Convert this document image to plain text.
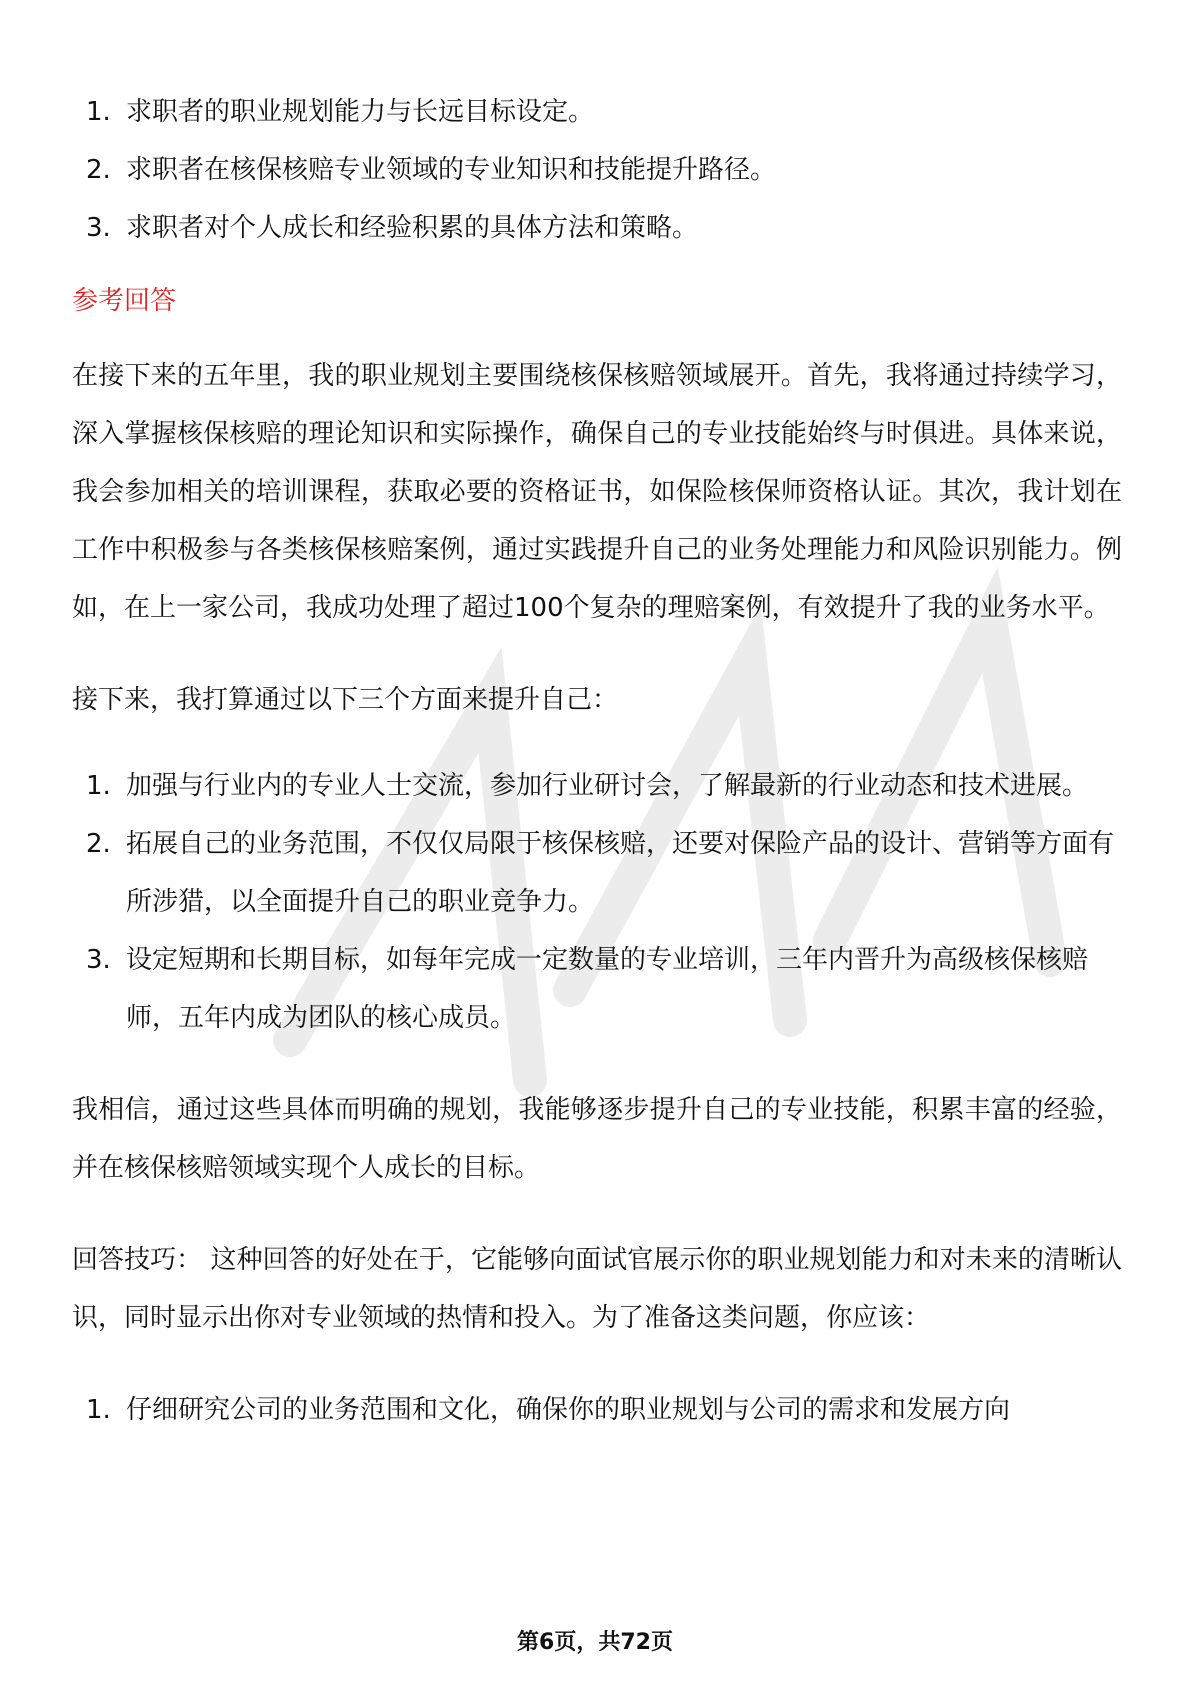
1. 求职者的职业规划能力与长远目标设定。
2. 求职者在核保核赔专业领域的专业知识和技能提升路径。
3. 求职者对个人成长和经验积累的具体方法和策略。
参考回答

在接下来的五年里，我的职业规划主要围绕核保核赔领域展开。首先，我将通过持续学习，深入掌握核保核赔的理论知识和实际操作，确保自己的专业技能始终与时俱进。具体来说，我会参加相关的培训课程，获取必要的资格证书，如保险核保师资格认证。其次，我计划在工作中积极参与各类核保核赔案例，通过实践提升自己的业务处理能力和风险识别能力。例如，在上一家公司，我成功处理了超过100个复杂的理赔案例，有效提升了我的业务水平。

接下来，我打算通过以下三个方面来提升自己：

1. 加强与行业内的专业人士交流，参加行业研讨会，了解最新的行业动态和技术进展。
2. 拓展自己的业务范围，不仅仅局限于核保核赔，还要对保险产品的设计、营销等方面有所涉猎，以全面提升自己的职业竞争力。
3. 设定短期和长期目标，如每年完成一定数量的专业培训，三年内晋升为高级核保核赔师，五年内成为团队的核心成员。

我相信，通过这些具体而明确的规划，我能够逐步提升自己的专业技能，积累丰富的经验，并在核保核赔领域实现个人成长的目标。

回答技巧： 这种回答的好处在于，它能够向面试官展示你的职业规划能力和对未来的清晰认识，同时显示出你对专业领域的热情和投入。为了准备这类问题，你应该：

1. 仔细研究公司的业务范围和文化，确保你的职业规划与公司的需求和发展方向
第6页，共72页
